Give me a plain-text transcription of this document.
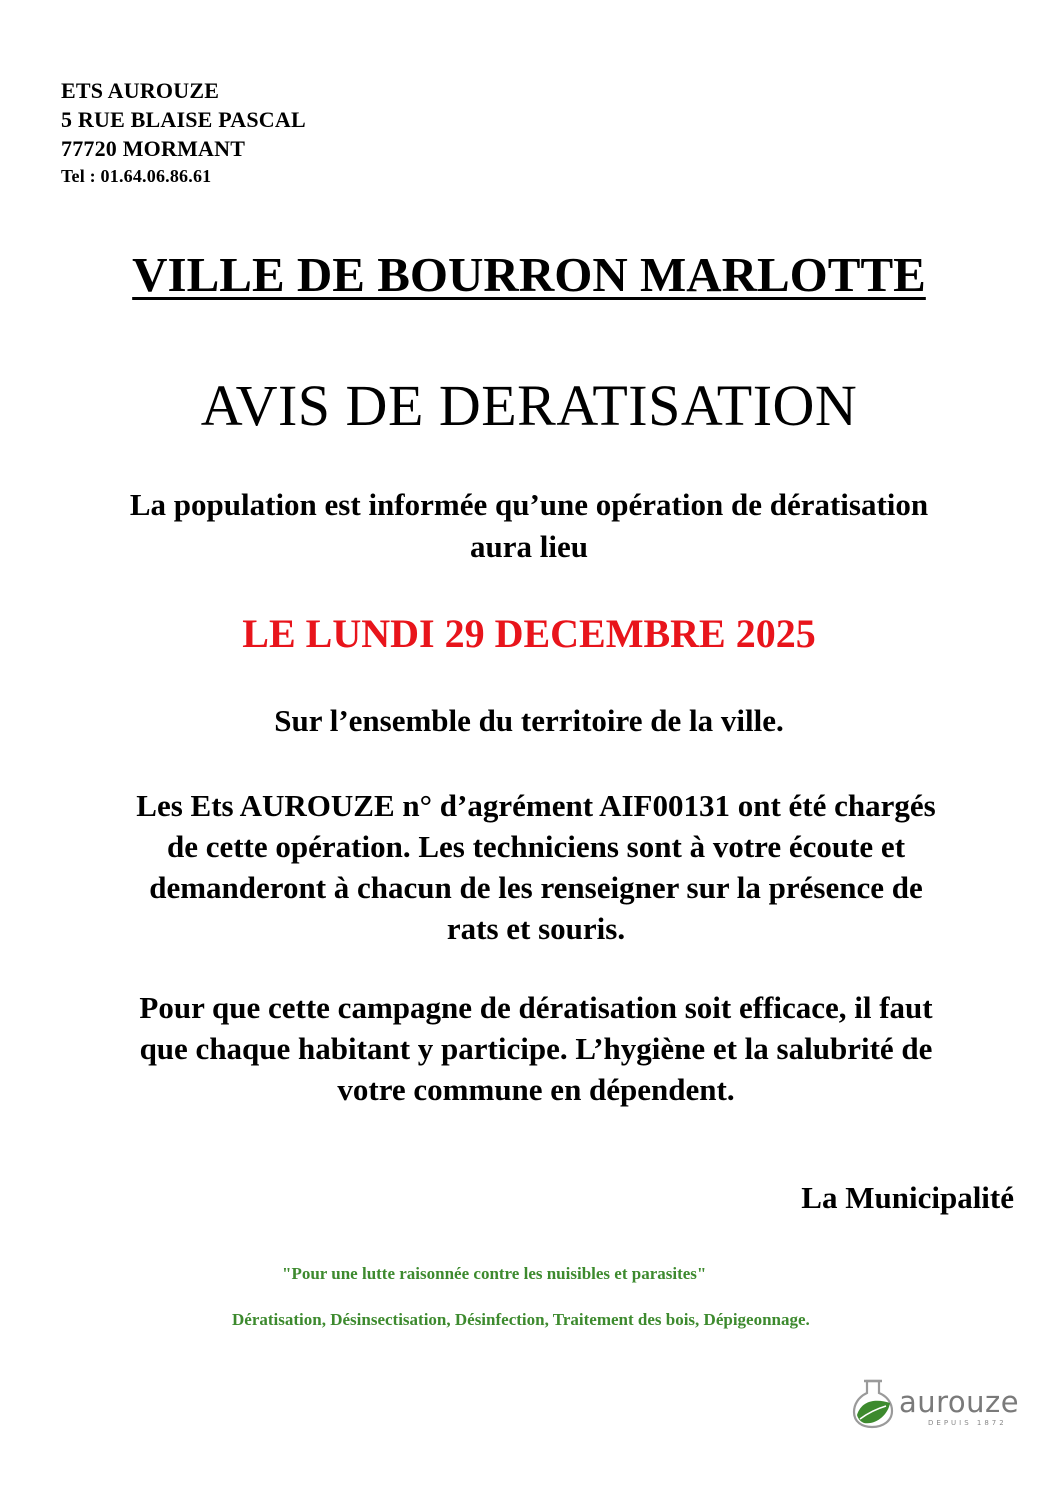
ETS AUROUZE
5 RUE BLAISE PASCAL
77720 MORMANT
Tel : 01.64.06.86.61
VILLE DE BOURRON MARLOTTE
AVIS DE DERATISATION
La population est informée qu’une opération de dératisation
aura lieu
LE LUNDI 29 DECEMBRE 2025
Sur l’ensemble du territoire de la ville.
Les Ets AUROUZE n° d’agrément AIF00131 ont été chargés
de cette opération. Les techniciens sont à votre écoute et
demanderont à chacun de les renseigner sur la présence de
rats et souris.
Pour que cette campagne de dératisation soit efficace, il faut
que chaque habitant y participe. L’hygiène et la salubrité de
votre commune en dépendent.
La Municipalité
"Pour une lutte raisonnée contre les nuisibles et parasites"
Dératisation, Désinsectisation, Désinfection, Traitement des bois, Dépigeonnage.
aurouze
DEPUIS 1872
